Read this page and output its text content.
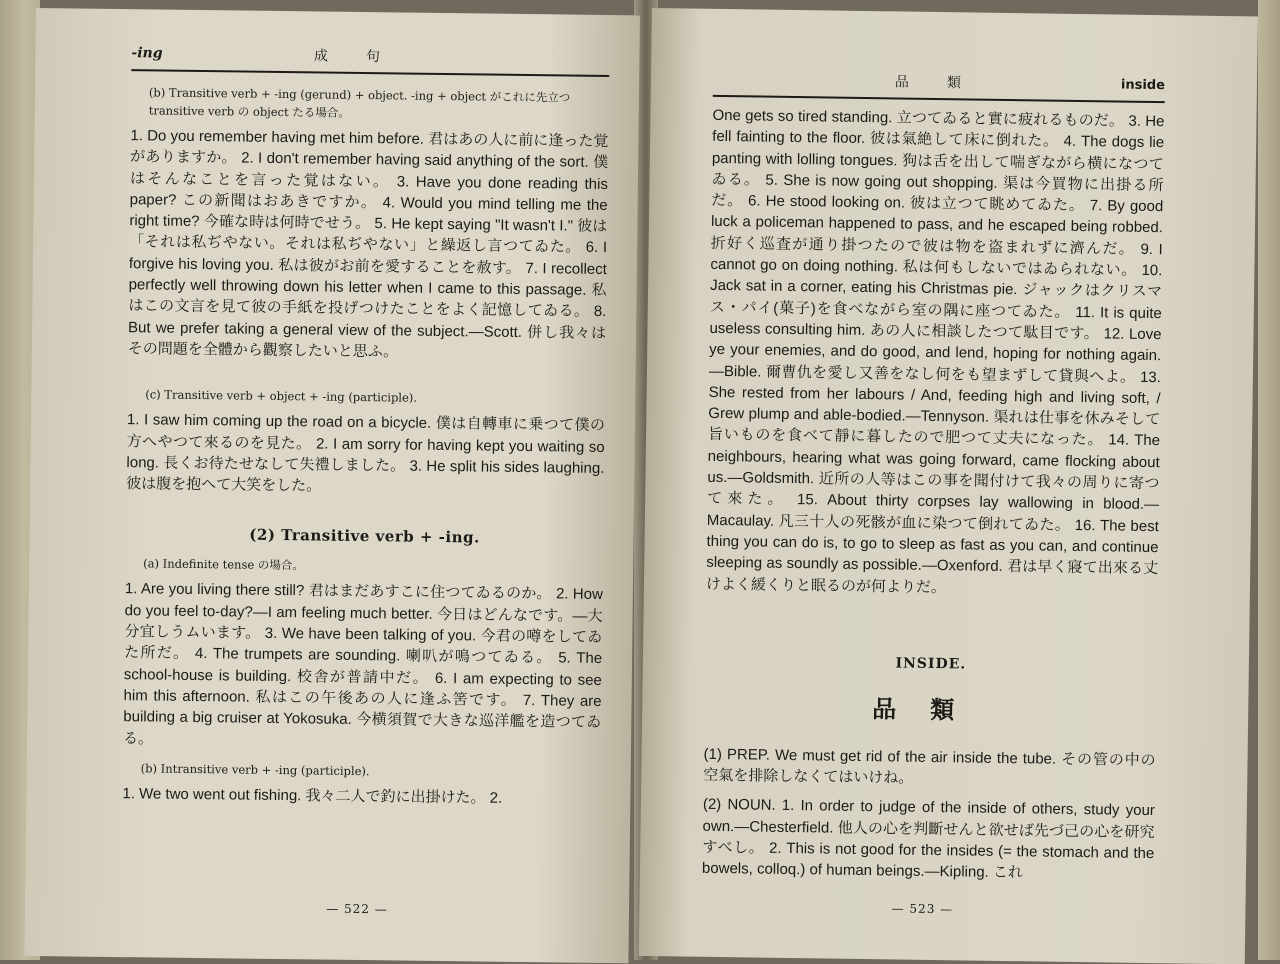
-ing	成句

(b) Transitive verb + -ing (gerund) + object. -ing + object がこれに先立つ transitive verb の object たる場合。

1. Do you remember having met him before. 君はあの人に前に逢った覚がありますか。 2. I don't remember having said anything of the sort. 僕はそんなことを言った覚はない。 3. Have you done reading this paper? この新聞はおあきですか。 4. Would you mind telling me the right time? 今確な時は何時でせう。 5. He kept saying "It wasn't I." 彼は「それは私ぢやない。それは私ぢやない」と繰返し言つてゐた。 6. I forgive his loving you. 私は彼がお前を愛することを赦す。 7. I recollect perfectly well throwing down his letter when I came to this passage. 私はこの文言を見て彼の手紙を投げつけたことをよく記憶してゐる。 8. But we prefer taking a general view of the subject.—Scott. 併し我々はその問題を全體から觀察したいと思ふ。

(c) Transitive verb + object + -ing (participle).

1. I saw him coming up the road on a bicycle. 僕は自轉車に乗つて僕の方へやつて來るのを見た。 2. I am sorry for having kept you waiting so long. 長くお待たせなして失禮しました。 3. He split his sides laughing. 彼は腹を抱へて大笑をした。

(2) Transitive verb + -ing.

(a) Indefinite tense の場合。

1. Are you living there still? 君はまだあすこに住つてゐるのか。 2. How do you feel to-day?—I am feeling much better. 今日はどんなです。—大分宜しうムいます。 3. We have been talking of you. 今君の噂をしてゐた所だ。 4. The trumpets are sounding. 喇叭が鳴つてゐる。 5. The school-house is building. 校舎が普請中だ。 6. I am expecting to see him this afternoon. 私はこの午後あの人に逢ふ筈です。 7. They are building a big cruiser at Yokosuka. 今横須賀で大きな巡洋艦を造つてゐる。

(b) Intransitive verb + -ing (participle).

1. We two went out fishing. 我々二人で釣に出掛けた。 2.

— 522 —
品類	inside

One gets so tired standing. 立つてゐると實に疲れるものだ。 3. He fell fainting to the floor. 彼は氣絶して床に倒れた。 4. The dogs lie panting with lolling tongues. 狗は舌を出して喘ぎながら横になつてゐる。 5. She is now going out shopping. 渠は今買物に出掛る所だ。 6. He stood looking on. 彼は立つて眺めてゐた。 7. By good luck a policeman happened to pass, and he escaped being robbed. 折好く巡査が通り掛つたので彼は物を盗まれずに濟んだ。 9. I cannot go on doing nothing. 私は何もしないではゐられない。 10. Jack sat in a corner, eating his Christmas pie. ジャックはクリスマス・パイ(菓子)を食べながら室の隅に座つてゐた。 11. It is quite useless consulting him. あの人に相談したつて駄目です。 12. Love ye your enemies, and do good, and lend, hoping for nothing again.—Bible. 爾曹仇を愛し又善をなし何をも望まずして貸與へよ。 13. She rested from her labours / And, feeding high and living soft, / Grew plump and able-bodied.—Tennyson. 渠れは仕事を休みそして旨いものを食べて靜に暮したので肥つて丈夫になった。 14. The neighbours, hearing what was going forward, came flocking about us.—Goldsmith. 近所の人等はこの事を聞付けて我々の周りに寄つて來た。 15. About thirty corpses lay wallowing in blood.—Macaulay. 凡三十人の死骸が血に染つて倒れてゐた。 16. The best thing you can do is, to go to sleep as fast as you can, and continue sleeping as soundly as possible.—Oxenford. 君は早く寢て出來る丈けよく緩くりと眠るのが何よりだ。

INSIDE.
品類

(1) PREP. We must get rid of the air inside the tube. その管の中の空氣を排除しなくてはいけね。

(2) NOUN. 1. In order to judge of the inside of others, study your own.—Chesterfield. 他人の心を判斷せんと欲せば先づ己の心を研究すべし。 2. This is not good for the insides (= the stomach and the bowels, colloq.) of human beings.—Kipling. これ

— 523 —
